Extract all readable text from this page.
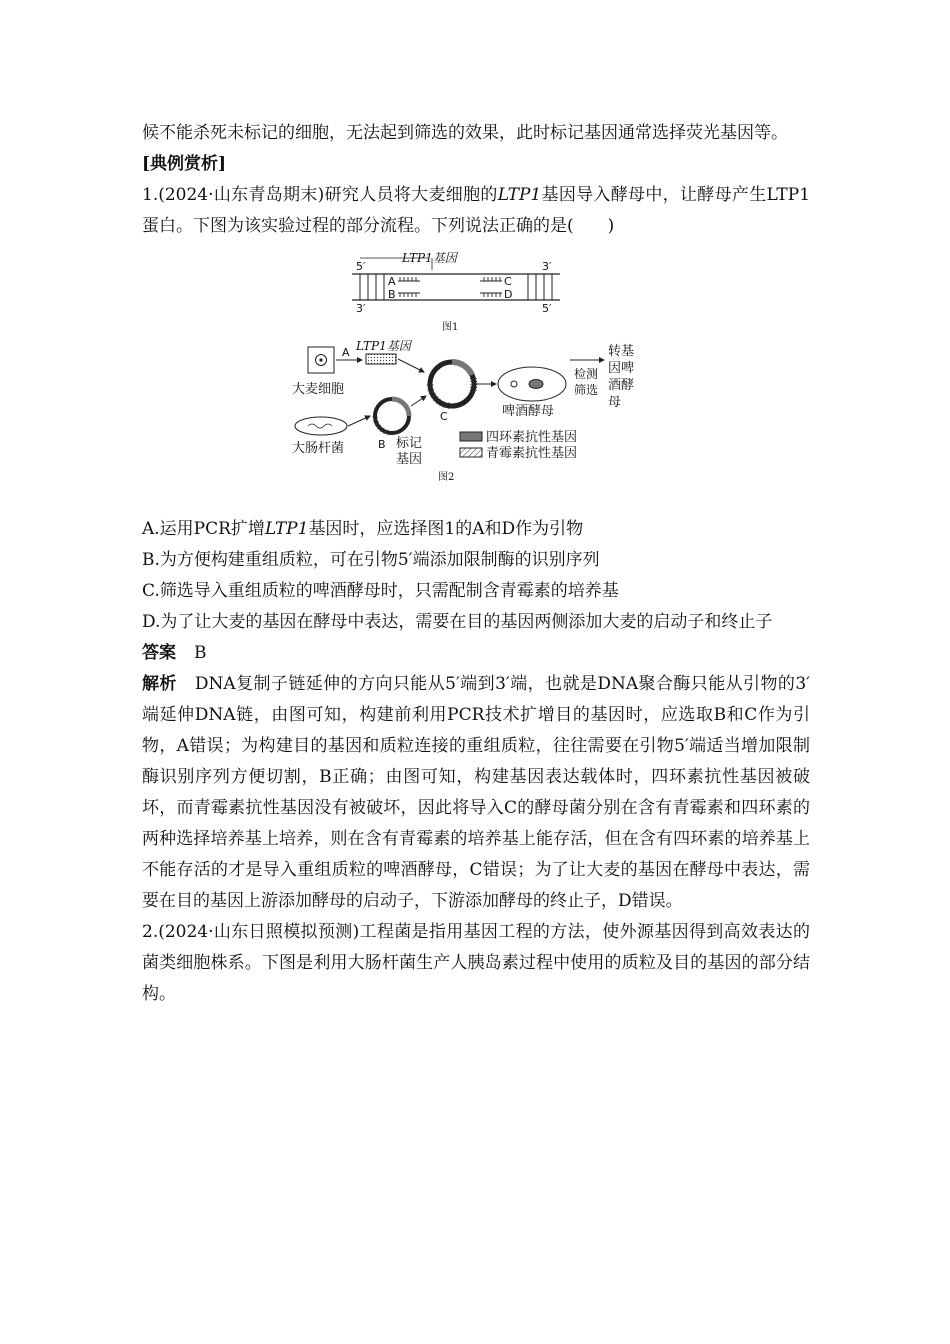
候不能杀死未标记的细胞，无法起到筛选的效果，此时标记基因通常选择荧光基因等。

[典例赏析]

1.(2024·山东青岛期末)研究人员将大麦细胞的LTP1基因导入酵母中，让酵母产生LTP1蛋白。下图为该实验过程的部分流程。下列说法正确的是(　　)

LTP1基因
5′	3′
3′	5′
A
B
C
D
图1
大麦细胞
A LTP1基因
大肠杆菌	B 标记
基因
C	啤酒酵母
检测
筛选
转基
因啤
酒酵
母
四环素抗性基因
青霉素抗性基因
图2

A.运用PCR扩增LTP1基因时，应选择图1的A和D作为引物

B.为方便构建重组质粒，可在引物5′端添加限制酶的识别序列

C.筛选导入重组质粒的啤酒酵母时，只需配制含青霉素的培养基

D.为了让大麦的基因在酵母中表达，需要在目的基因两侧添加大麦的启动子和终止子

答案 B

解析 DNA复制子链延伸的方向只能从5′端到3′端，也就是DNA聚合酶只能从引物的3′端延伸DNA链，由图可知，构建前利用PCR技术扩增目的基因时，应选取B和C作为引物，A错误；为构建目的基因和质粒连接的重组质粒，往往需要在引物5′端适当增加限制酶识别序列方便切割，B正确；由图可知，构建基因表达载体时，四环素抗性基因被破坏，而青霉素抗性基因没有被破坏，因此将导入C的酵母菌分别在含有青霉素和四环素的两种选择培养基上培养，则在含有青霉素的培养基上能存活，但在含有四环素的培养基上不能存活的才是导入重组质粒的啤酒酵母，C错误；为了让大麦的基因在酵母中表达，需要在目的基因上游添加酵母的启动子，下游添加酵母的终止子，D错误。

2.(2024·山东日照模拟预测)工程菌是指用基因工程的方法，使外源基因得到高效表达的菌类细胞株系。下图是利用大肠杆菌生产人胰岛素过程中使用的质粒及目的基因的部分结构。
